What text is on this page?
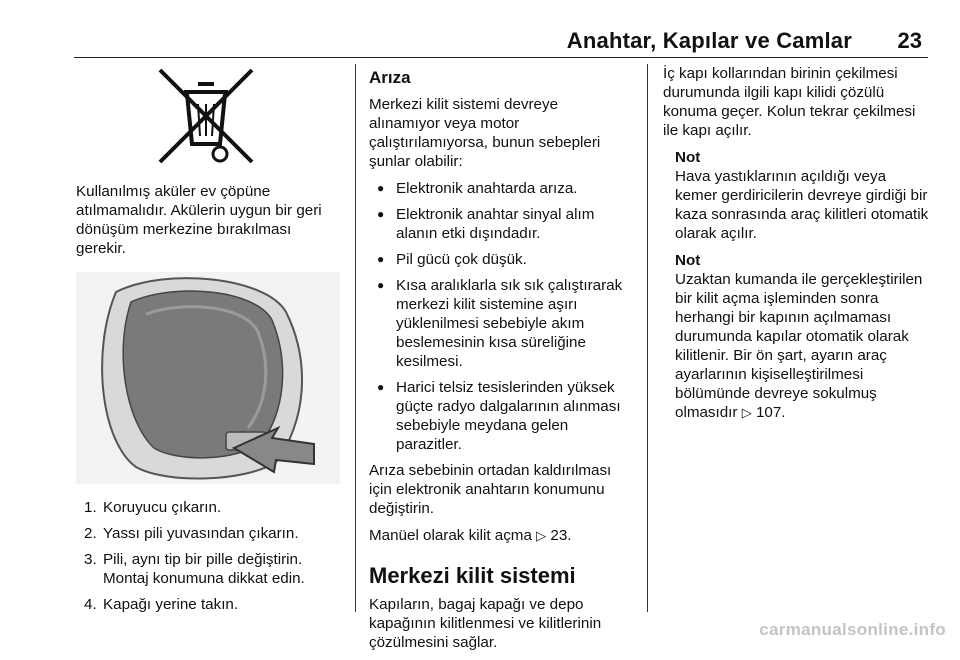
Anahtar, Kapılar ve Camlar 23

Kullanılmış aküler ev çöpüne atılmamalıdır. Akülerin uygun bir geri dönüşüm merkezine bırakılması gerekir.

1. Koruyucu çıkarın.
2. Yassı pili yuvasından çıkarın.
3. Pili, aynı tip bir pille değiştirin. Montaj konumuna dikkat edin.
4. Kapağı yerine takın.
Arıza

Merkezi kilit sistemi devreye alınamıyor veya motor çalıştırılamıyorsa, bunun sebepleri şunlar olabilir:

● Elektronik anahtarda arıza.
● Elektronik anahtar sinyal alım alanın etki dışındadır.
● Pil gücü çok düşük.
● Kısa aralıklarla sık sık çalıştırarak merkezi kilit sistemine aşırı yüklenilmesi sebebiyle akım beslemesinin kısa süreliğine kesilmesi.
● Harici telsiz tesislerinden yüksek güçte radyo dalgalarının alınması sebebiyle meydana gelen parazitler.

Arıza sebebinin ortadan kaldırılması için elektronik anahtarın konumunu değiştirin.

Manüel olarak kilit açma ▷ 23.

Merkezi kilit sistemi

Kapıların, bagaj kapağı ve depo kapağının kilitlenmesi ve kilitlerinin çözülmesini sağlar.

İç kapı kollarından birinin çekilmesi durumunda ilgili kapı kilidi çözülü konuma geçer. Kolun tekrar çekilmesi ile kapı açılır.

Not
Hava yastıklarının açıldığı veya kemer gerdiricilerin devreye girdiği bir kaza sonrasında araç kilitleri otomatik olarak açılır.
Not
Uzaktan kumanda ile gerçekleştirilen bir kilit açma işleminden sonra herhangi bir kapının açılmaması durumunda kapılar otomatik olarak kilitlenir. Bir ön şart, ayarın araç ayarlarının kişiselleştirilmesi bölümünde devreye sokulmuş olmasıdır ▷ 107.
carmanualsonline.info
